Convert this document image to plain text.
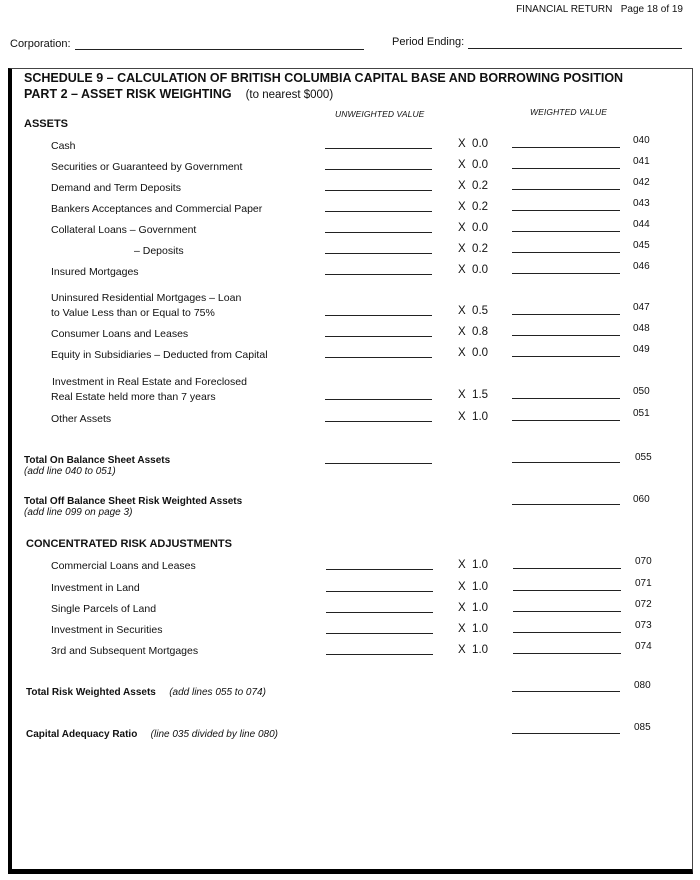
FINANCIAL RETURN Page 18 of 19
Corporation:	Period Ending:
SCHEDULE 9 – CALCULATION OF BRITISH COLUMBIA CAPITAL BASE AND BORROWING POSITION
PART 2 – ASSET RISK WEIGHTING (to nearest $000)
UNWEIGHTED VALUE	WEIGHTED VALUE
ASSETS
Cash	X  0.0	040
Securities or Guaranteed by Government	X  0.0	041
Demand and Term Deposits	X  0.2	042
Bankers Acceptances and Commercial Paper	X  0.2	043
Collateral Loans – Government	X  0.0	044
– Deposits	X  0.2	045
Insured Mortgages	X  0.0	046
Uninsured Residential Mortgages – Loan
to Value Less than or Equal to 75%	X  0.5	047
Consumer Loans and Leases	X  0.8	048
Equity in Subsidiaries – Deducted from Capital	X  0.0	049
Investment in Real Estate and Foreclosed
Real Estate held more than 7 years	X  1.5	050
Other Assets	X  1.0	051
Total On Balance Sheet Assets
(add line 040 to 051)
055
Total Off Balance Sheet Risk Weighted Assets
(add line 099 on page 3)
060
CONCENTRATED RISK ADJUSTMENTS
Commercial Loans and Leases	X  1.0	070
Investment in Land	X  1.0	071
Single Parcels of Land	X  1.0	072
Investment in Securities	X  1.0	073
3rd and Subsequent Mortgages	X  1.0	074
Total Risk Weighted Assets (add lines 055 to 074)
080
Capital Adequacy Ratio (line 035 divided by line 080)
085
